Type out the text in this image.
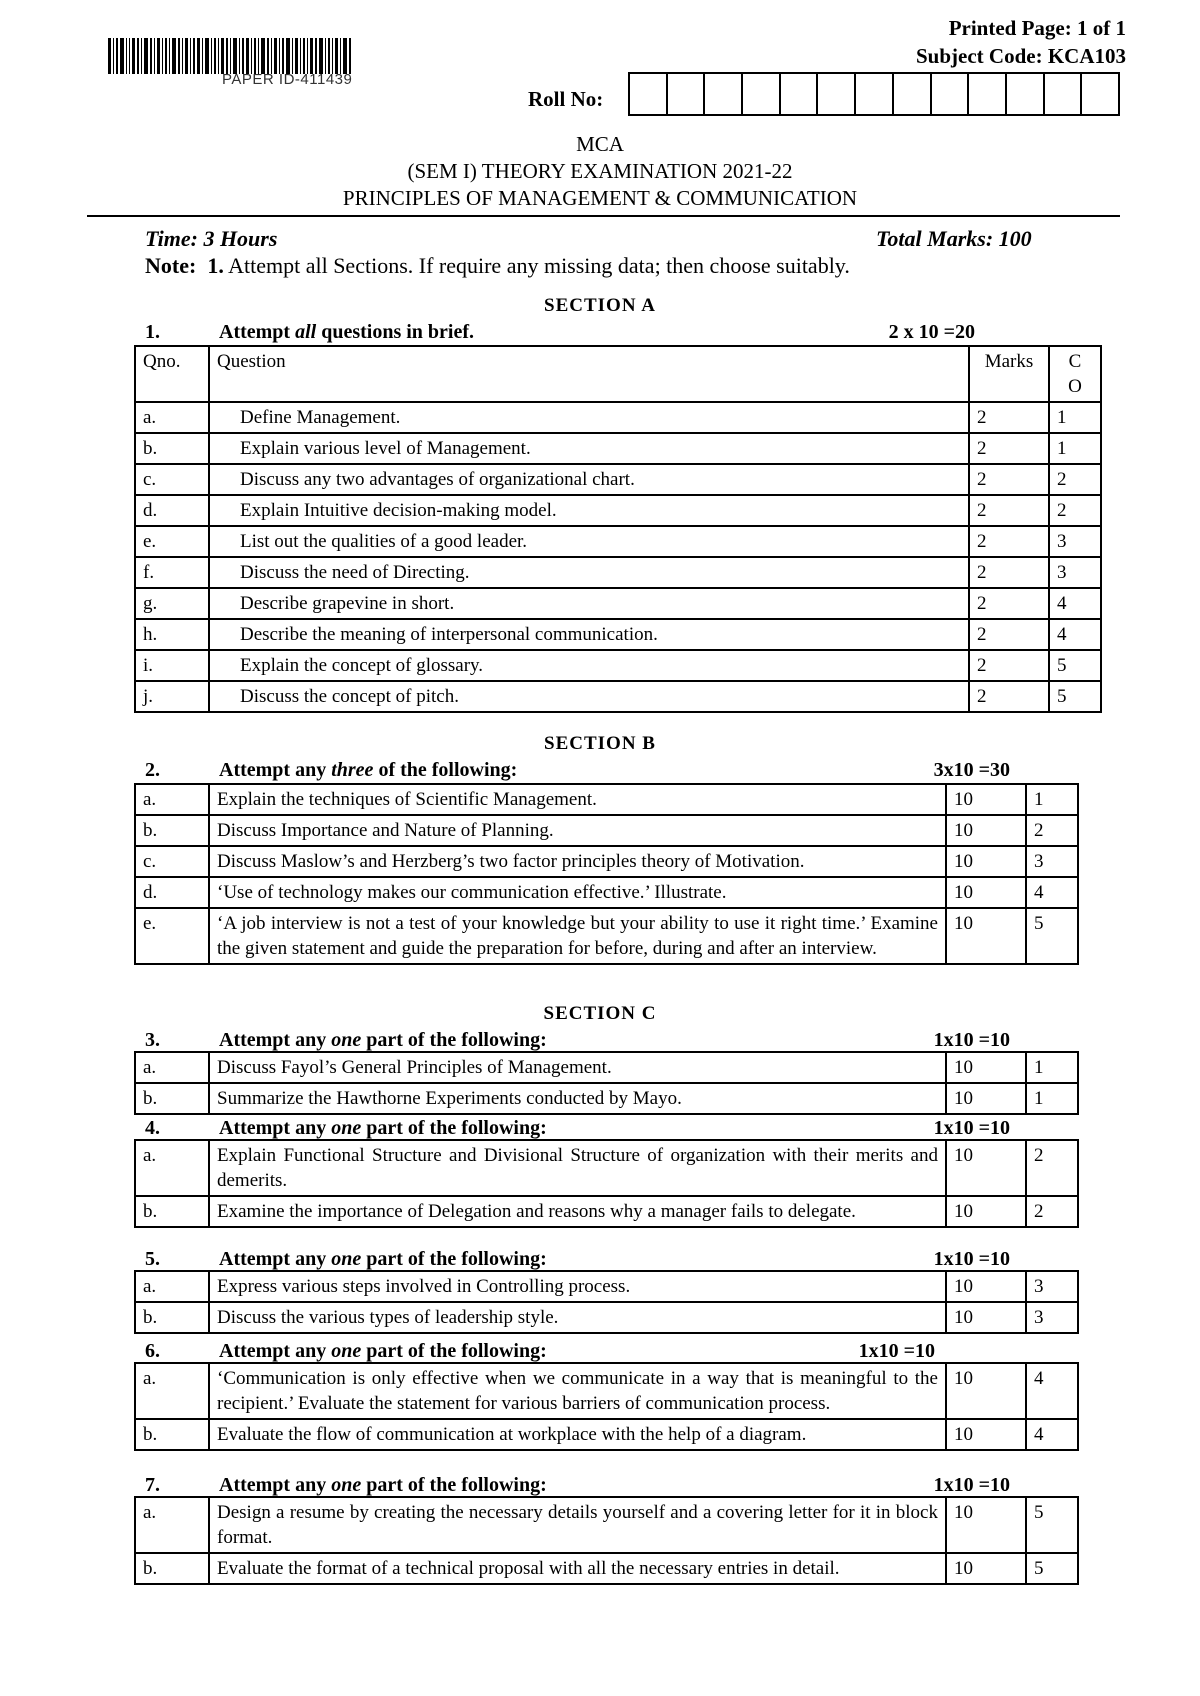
PAPER ID-411439
Printed Page: 1 of 1
Subject Code: KCA103
Roll No:
MCA
(SEM I) THEORY EXAMINATION 2021-22
PRINCIPLES OF MANAGEMENT & COMMUNICATION
Time: 3 Hours	Total Marks: 100
Note: 1. Attempt all Sections. If require any missing data; then choose suitably.
SECTION A
1.	Attempt all questions in brief.	2 x 10 =20
Qno.	Question	Marks	C O
a.	Define Management.	2	1
b.	Explain various level of Management.	2	1
c.	Discuss any two advantages of organizational chart.	2	2
d.	Explain Intuitive decision-making model.	2	2
e.	List out the qualities of a good leader.	2	3
f.	Discuss the need of Directing.	2	3
g.	Describe grapevine in short.	2	4
h.	Describe the meaning of interpersonal communication.	2	4
i.	Explain the concept of glossary.	2	5
j.	Discuss the concept of pitch.	2	5
SECTION B
2.	Attempt any three of the following:	3x10 =30
a.	Explain the techniques of Scientific Management.	10	1
b.	Discuss Importance and Nature of Planning.	10	2
c.	Discuss Maslow’s and Herzberg’s two factor principles theory of Motivation.	10	3
d.	‘Use of technology makes our communication effective.’ Illustrate.	10	4
e.	‘A job interview is not a test of your knowledge but your ability to use it right time.’ Examine the given statement and guide the preparation for before, during and after an interview.	10	5
SECTION C
3.	Attempt any one part of the following:	1x10 =10
a.	Discuss Fayol’s General Principles of Management.	10	1
b.	Summarize the Hawthorne Experiments conducted by Mayo.	10	1
4.	Attempt any one part of the following:	1x10 =10
a.	Explain Functional Structure and Divisional Structure of organization with their merits and demerits.	10	2
b.	Examine the importance of Delegation and reasons why a manager fails to delegate.	10	2
5.	Attempt any one part of the following:	1x10 =10
a.	Express various steps involved in Controlling process.	10	3
b.	Discuss the various types of leadership style.	10	3
6.	Attempt any one part of the following:	1x10 =10
a.	‘Communication is only effective when we communicate in a way that is meaningful to the recipient.’ Evaluate the statement for various barriers of communication process.	10	4
b.	Evaluate the flow of communication at workplace with the help of a diagram.	10	4
7.	Attempt any one part of the following:	1x10 =10
a.	Design a resume by creating the necessary details yourself and a covering letter for it in block format.	10	5
b.	Evaluate the format of a technical proposal with all the necessary entries in detail.	10	5
